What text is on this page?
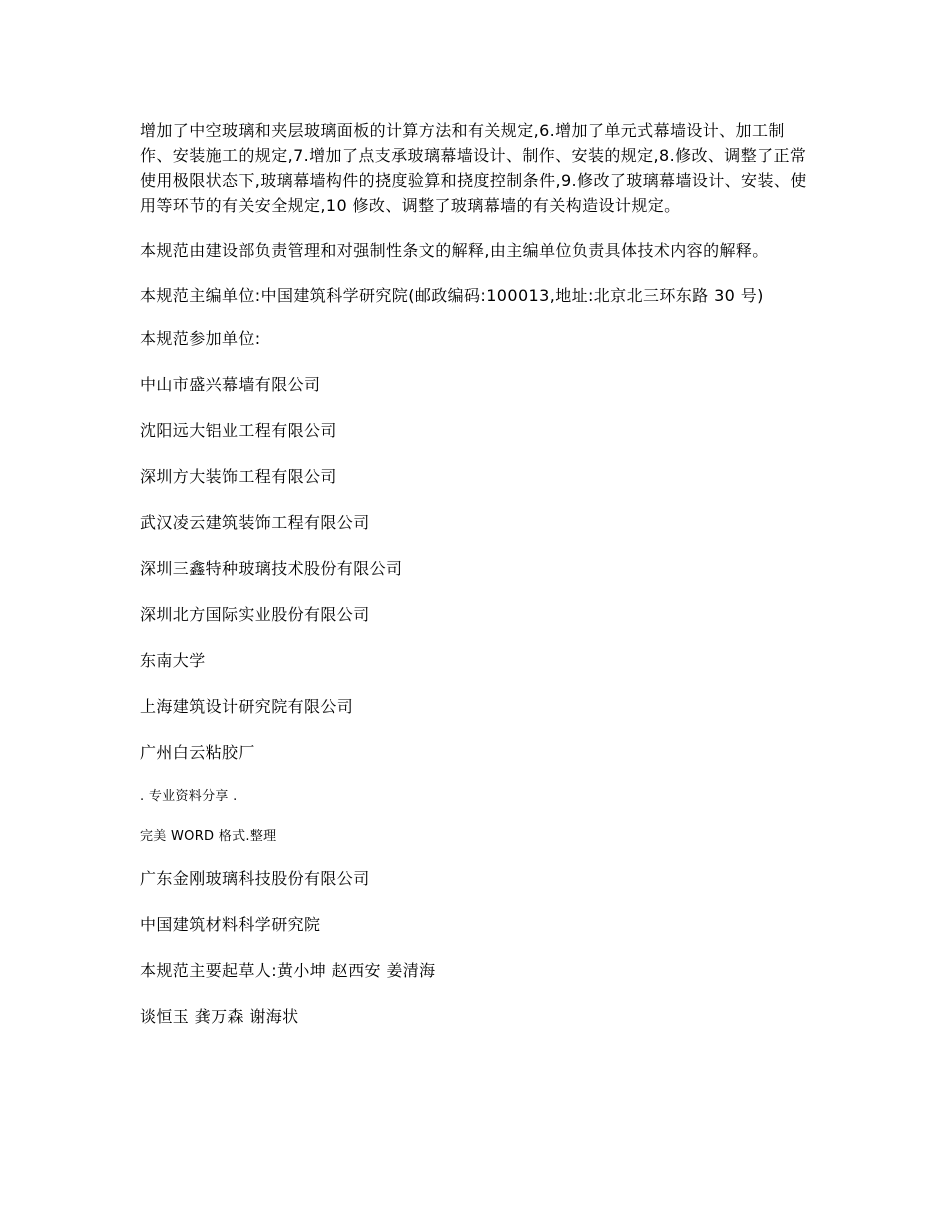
增加了中空玻璃和夹层玻璃面板的计算方法和有关规定,6.增加了单元式幕墙设计、加工制作、安装施工的规定,7.增加了点支承玻璃幕墙设计、制作、安装的规定,8.修改、调整了正常使用极限状态下,玻璃幕墙构件的挠度验算和挠度控制条件,9.修改了玻璃幕墙设计、安装、使用等环节的有关安全规定,10 修改、调整了玻璃幕墙的有关构造设计规定。

本规范由建设部负责管理和对强制性条文的解释,由主编单位负责具体技术内容的解释。

本规范主编单位:中国建筑科学研究院(邮政编码:100013,地址:北京北三环东路 30 号)

本规范参加单位:
中山市盛兴幕墙有限公司
沈阳远大铝业工程有限公司
深圳方大装饰工程有限公司
武汉凌云建筑装饰工程有限公司
深圳三鑫特种玻璃技术股份有限公司
深圳北方国际实业股份有限公司
东南大学
上海建筑设计研究院有限公司
广州白云粘胶厂
. 专业资料分享 .
完美 WORD 格式.整理
广东金刚玻璃科技股份有限公司
中国建筑材料科学研究院
本规范主要起草人:黄小坤 赵西安 姜清海
谈恒玉 龚万森 谢海状
